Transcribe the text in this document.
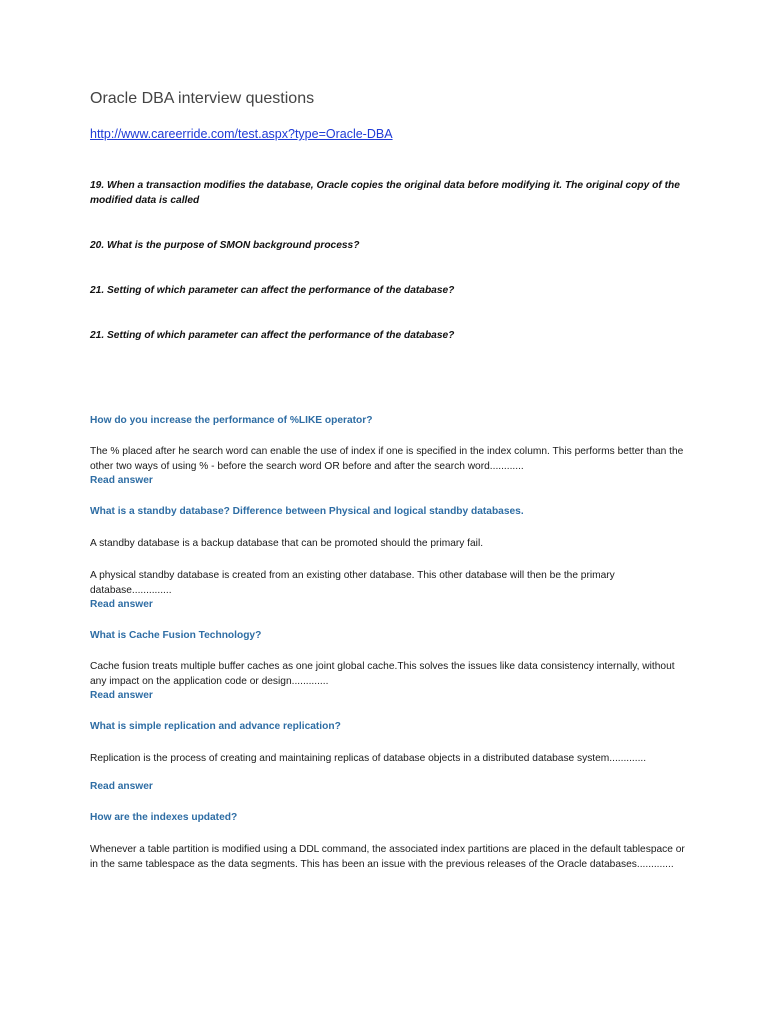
Oracle DBA interview questions
http://www.careerride.com/test.aspx?type=Oracle-DBA
19. When a transaction modifies the database, Oracle copies the original data before modifying it. The original copy of the modified data is called
20. What is the purpose of SMON background process?
21. Setting of which parameter can affect the performance of the database?
21. Setting of which parameter can affect the performance of the database?
How do you increase the performance of %LIKE operator?
The % placed after he search word can enable the use of index if one is specified in the index column. This performs better than the other two ways of using % - before the search word OR before and after the search word............
Read answer
What is a standby database? Difference between Physical and logical standby databases.
A standby database is a backup database that can be promoted should the primary fail.
A physical standby database is created from an existing other database. This other database will then be the primary database..............
Read answer
What is Cache Fusion Technology?
Cache fusion treats multiple buffer caches as one joint global cache.This solves the issues like data consistency internally, without any impact on the application code or design.............
Read answer
What is simple replication and advance replication?
Replication is the process of creating and maintaining replicas of database objects in a distributed database system.............
Read answer
How are the indexes updated?
Whenever a table partition is modified using a DDL command, the associated index partitions are placed in the default tablespace or in the same tablespace as the data segments. This has been an issue with the previous releases of the Oracle databases.............
